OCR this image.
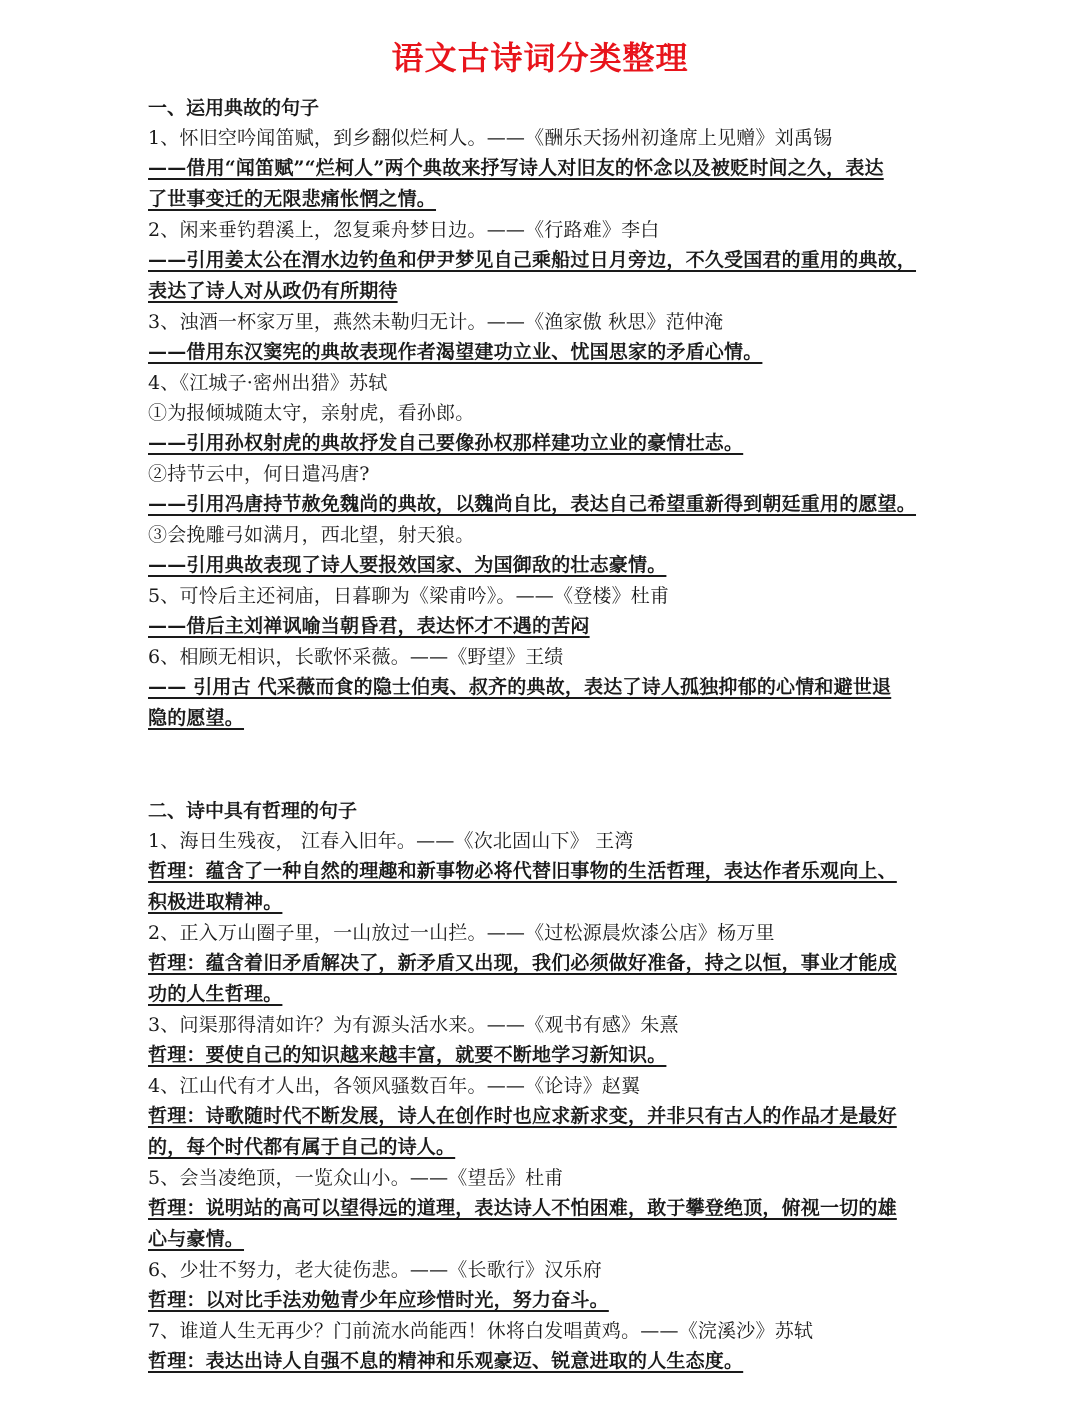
语文古诗词分类整理
一、运用典故的句子
1、怀旧空吟闻笛赋，到乡翻似烂柯人。——《酬乐天扬州初逢席上见赠》刘禹锡
——借用“闻笛赋”“烂柯人”两个典故来抒写诗人对旧友的怀念以及被贬时间之久，表达
了世事变迁的无限悲痛怅惘之情。
2、闲来垂钓碧溪上，忽复乘舟梦日边。——《行路难》李白
——引用姜太公在渭水边钓鱼和伊尹梦见自己乘船过日月旁边，不久受国君的重用的典故，
表达了诗人对从政仍有所期待
3、浊酒一杯家万里，燕然未勒归无计。——《渔家傲 秋思》范仲淹
——借用东汉窦宪的典故表现作者渴望建功立业、忧国思家的矛盾心情。
4、《江城子·密州出猎》苏轼
①为报倾城随太守，亲射虎，看孙郎。
——引用孙权射虎的典故抒发自己要像孙权那样建功立业的豪情壮志。
②持节云中，何日遣冯唐?
——引用冯唐持节赦免魏尚的典故，以魏尚自比，表达自己希望重新得到朝廷重用的愿望。
③会挽雕弓如满月，西北望，射天狼。
——引用典故表现了诗人要报效国家、为国御敌的壮志豪情。
5、可怜后主还祠庙，日暮聊为《梁甫吟》。——《登楼》杜甫
——借后主刘禅讽喻当朝昏君，表达怀才不遇的苦闷
6、相顾无相识，长歌怀采薇。——《野望》王绩
—— 引用古 代采薇而食的隐士伯夷、叔齐的典故，表达了诗人孤独抑郁的心情和避世退
隐的愿望。
二、诗中具有哲理的句子
1、海日生残夜， 江春入旧年。——《次北固山下》 王湾
哲理：蕴含了一种自然的理趣和新事物必将代替旧事物的生活哲理，表达作者乐观向上、
积极进取精神。
2、正入万山圈子里，一山放过一山拦。——《过松源晨炊漆公店》杨万里
哲理：蕴含着旧矛盾解决了，新矛盾又出现，我们必须做好准备，持之以恒，事业才能成
功的人生哲理。
3、问渠那得清如许？为有源头活水来。——《观书有感》朱熹
哲理：要使自己的知识越来越丰富，就要不断地学习新知识。
4、江山代有才人出，各领风骚数百年。——《论诗》赵翼
哲理：诗歌随时代不断发展，诗人在创作时也应求新求变，并非只有古人的作品才是最好
的，每个时代都有属于自己的诗人。
5、会当凌绝顶，一览众山小。——《望岳》杜甫
哲理：说明站的高可以望得远的道理，表达诗人不怕困难，敢于攀登绝顶，俯视一切的雄
心与豪情。
6、少壮不努力，老大徒伤悲。——《长歌行》汉乐府
哲理：以对比手法劝勉青少年应珍惜时光，努力奋斗。
7、谁道人生无再少？门前流水尚能西！休将白发唱黄鸡。——《浣溪沙》苏轼
哲理：表达出诗人自强不息的精神和乐观豪迈、锐意进取的人生态度。
